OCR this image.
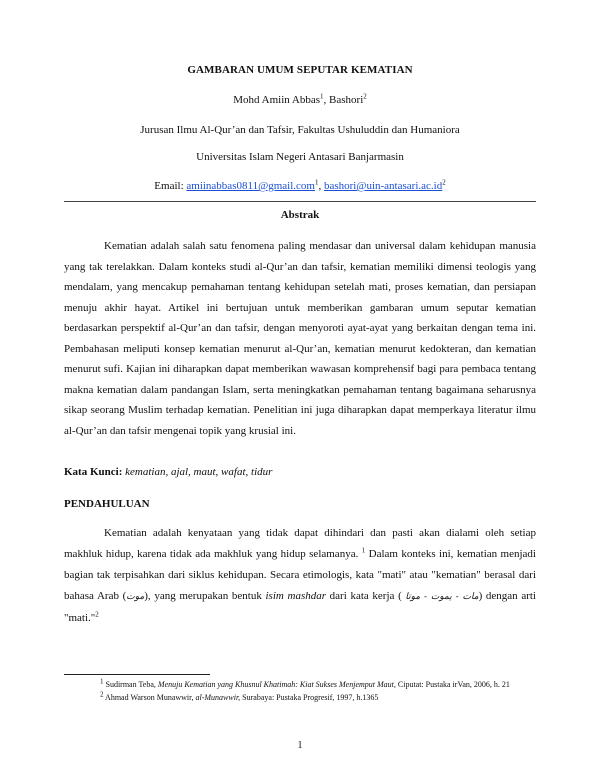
GAMBARAN UMUM SEPUTAR KEMATIAN
Mohd Amiin Abbas$^1$, Bashori$^2$
Jurusan Ilmu Al-Qur’an dan Tafsir, Fakultas Ushuluddin dan Humaniora
Universitas Islam Negeri Antasari Banjarmasin
Email: amiinabbas0811@gmail.com$^1$, $bashori@uin-antasari.ac.id^2$
Abstrak

Kematian adalah salah satu fenomena paling mendasar dan universal dalam kehidupan manusia yang tak terelakkan. Dalam konteks studi al-Qur’an dan tafsir, kematian memiliki dimensi teologis yang mendalam, yang mencakup pemahaman tentang kehidupan setelah mati, proses kematian, dan persiapan menuju akhir hayat. Artikel ini bertujuan untuk memberikan gambaran umum seputar kematian berdasarkan perspektif al-Qur’an dan tafsir, dengan menyoroti ayat-ayat yang berkaitan dengan tema ini. Pembahasan meliputi konsep kematian menurut al-Qur’an, kematian menurut kedokteran, dan kematian menurut sufi. Kajian ini diharapkan dapat memberikan wawasan komprehensif bagi para pembaca tentang makna kematian dalam pandangan Islam, serta meningkatkan pemahaman tentang bagaimana seharusnya sikap seorang Muslim terhadap kematian. Penelitian ini juga diharapkan dapat memperkaya literatur ilmu al-Qur’an dan tafsir mengenai topik yang krusial ini.

Kata Kunci: kematian, ajal, maut, wafat, tidur
PENDAHULUAN

Kematian adalah kenyataan yang tidak dapat dihindari dan pasti akan dialami oleh setiap makhluk hidup, karena tidak ada makhluk yang hidup selamanya. $^1$ Dalam konteks ini, kematian menjadi bagian tak terpisahkan dari siklus kehidupan. Secara etimologis, kata "mati" atau "kematian" berasal dari bahasa Arab (موت), yang merupakan bentuk isim mashdar dari kata kerja ( مات - يموت - موتا) dengan arti "mati."$^2$

$^1$ Sudirman Teba, Menuju Kematian yang Khusnul Khatimah: Kiat Sukses Menjemput Maut, Ciputat: Pustaka irVan, 2006, h. 21

$^2$ Ahmad Warson Munawwir, al-Munawwir, Surabaya: Pustaka Progresif, 1997, h.1365

1
